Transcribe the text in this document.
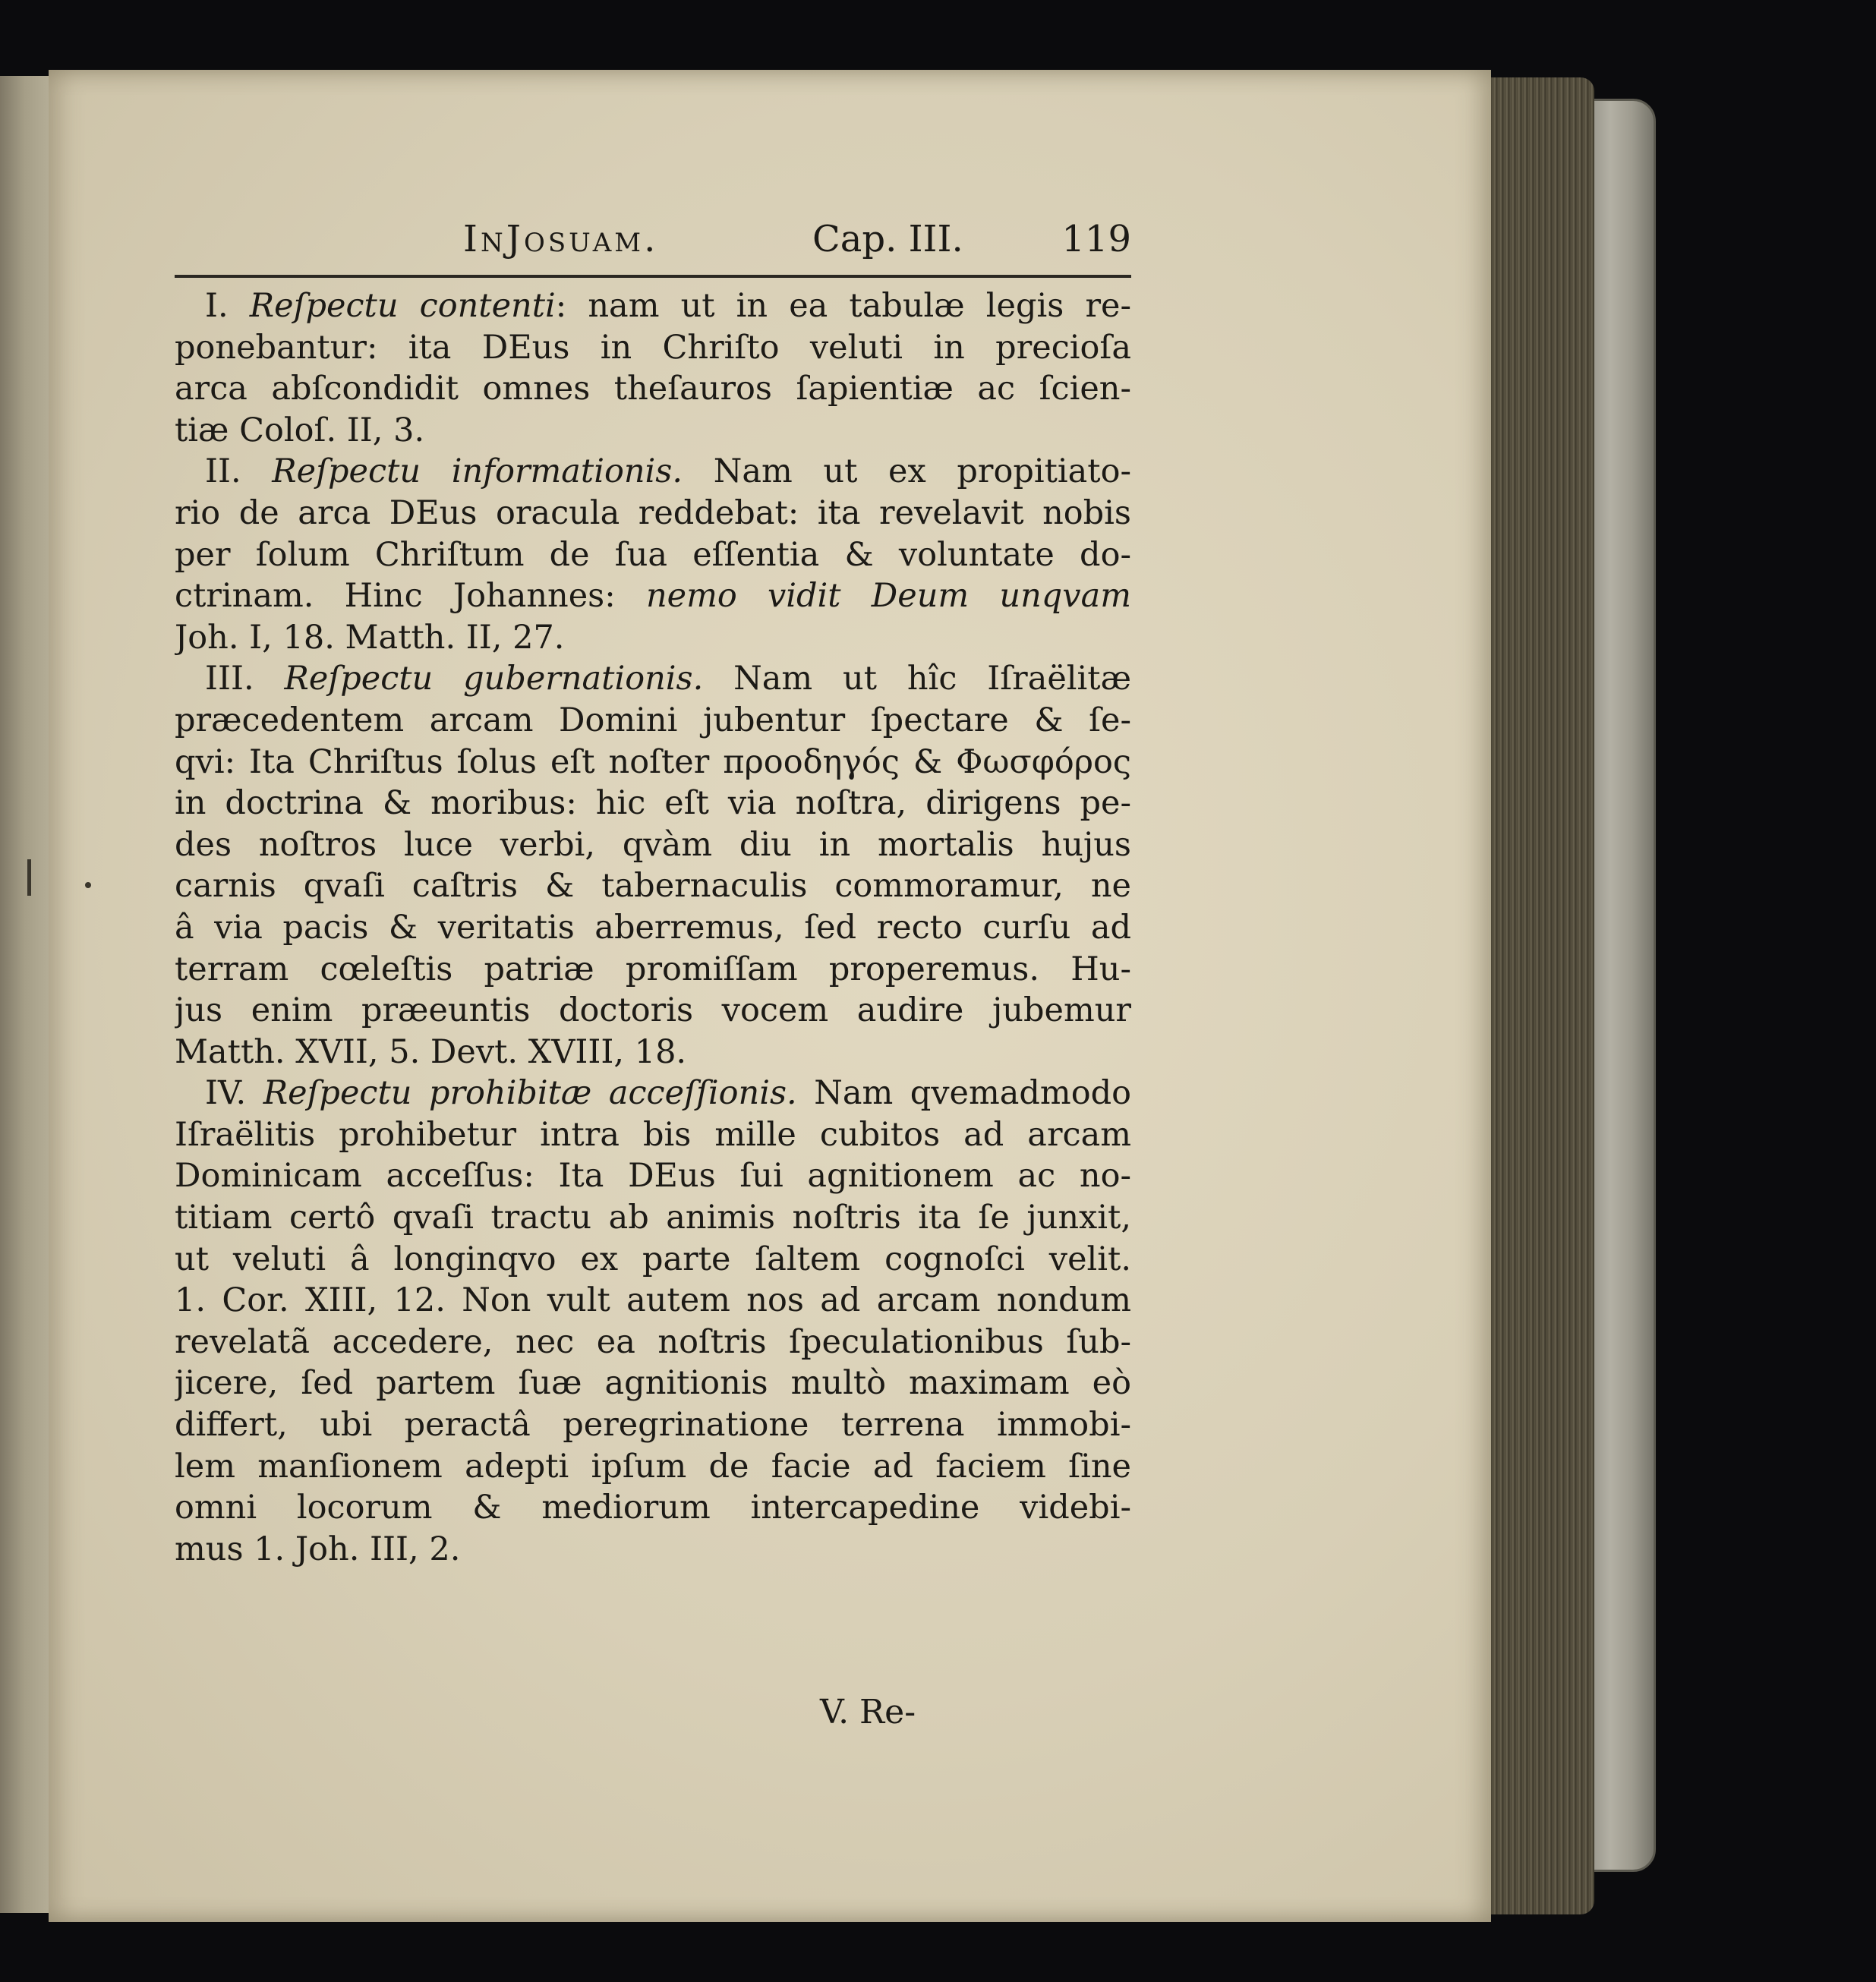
InJosuam.	Cap. III.	119
I. Reſpectu contenti: nam ut in ea tabulæ legis re-
ponebantur: ita DEus in Chriſto veluti in precioſa
arca abſcondidit omnes theſauros ſapientiæ ac ſcien-
tiæ Coloſ. II, 3.
II. Reſpectu informationis. Nam ut ex propitiato-
rio de arca DEus oracula reddebat: ita revelavit nobis
per ſolum Chriſtum de ſua eſſentia & voluntate do-
ctrinam. Hinc Johannes: nemo vidit Deum unqvam
Joh. I, 18. Matth. II, 27.
III. Reſpectu gubernationis. Nam ut hîc Iſraëlitæ
præcedentem arcam Domini jubentur ſpectare & ſe-
qvi: Ita Chriſtus ſolus eſt noſter προοδηγός & Φωσφόρος
in doctrina & moribus: hic eſt via noſtra, dirigens pe-
des noſtros luce verbi, qvàm diu in mortalis hujus
carnis qvaſi caſtris & tabernaculis commoramur, ne
â via pacis & veritatis aberremus, ſed recto curſu ad
terram cœleſtis patriæ promiſſam properemus. Hu-
jus enim præeuntis doctoris vocem audire jubemur
Matth. XVII, 5. Devt. XVIII, 18.
IV. Reſpectu prohibitæ acceſſionis. Nam qvemadmodo
Iſraëlitis prohibetur intra bis mille cubitos ad arcam
Dominicam acceſſus: Ita DEus ſui agnitionem ac no-
titiam certô qvaſi tractu ab animis noſtris ita ſe junxit,
ut veluti â longinqvo ex parte ſaltem cognoſci velit.
1. Cor. XIII, 12. Non vult autem nos ad arcam nondum
revelatã accedere, nec ea noſtris ſpeculationibus ſub-
jicere, ſed partem ſuæ agnitionis multò maximam eò
differt, ubi peractâ peregrinatione terrena immobi-
lem manſionem adepti ipſum de facie ad faciem ſine
omni locorum & mediorum intercapedine videbi-
mus 1. Joh. III, 2.
V. Re-
